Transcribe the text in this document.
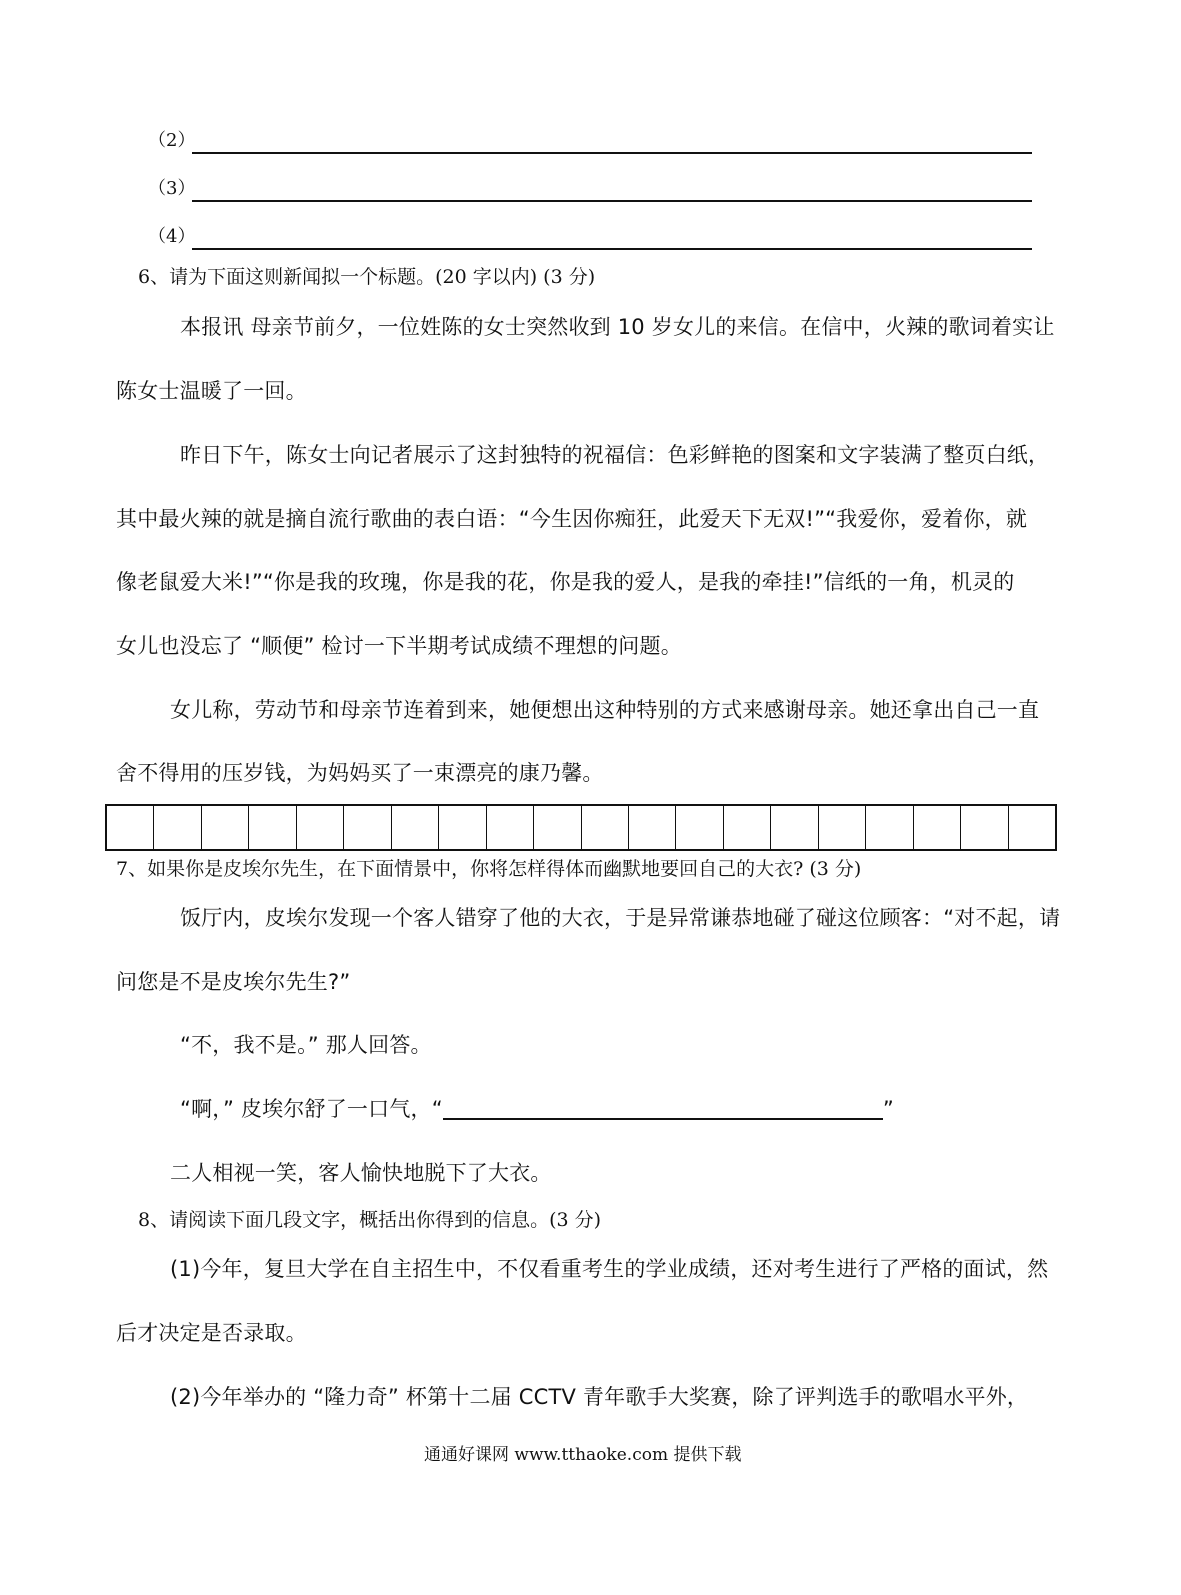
（2）
（3）
（4）
6、请为下面这则新闻拟一个标题。(20 字以内) (3 分)
本报讯 母亲节前夕，一位姓陈的女士突然收到 10 岁女儿的来信。在信中，火辣的歌词着实让
陈女士温暖了一回。
昨日下午，陈女士向记者展示了这封独特的祝福信：色彩鲜艳的图案和文字装满了整页白纸，
其中最火辣的就是摘自流行歌曲的表白语：“今生因你痴狂，此爱天下无双!”“我爱你，爱着你，就
像老鼠爱大米!”“你是我的玫瑰，你是我的花，你是我的爱人，是我的牵挂!”信纸的一角，机灵的
女儿也没忘了 “顺便” 检讨一下半期考试成绩不理想的问题。
女儿称，劳动节和母亲节连着到来，她便想出这种特别的方式来感谢母亲。她还拿出自己一直
舍不得用的压岁钱，为妈妈买了一束漂亮的康乃馨。
7、如果你是皮埃尔先生，在下面情景中，你将怎样得体而幽默地要回自己的大衣? (3 分)
饭厅内，皮埃尔发现一个客人错穿了他的大衣，于是异常谦恭地碰了碰这位顾客：“对不起，请
问您是不是皮埃尔先生?”
“不，我不是。” 那人回答。
“啊，” 皮埃尔舒了一口气，“	”
二人相视一笑，客人愉快地脱下了大衣。
8、请阅读下面几段文字，概括出你得到的信息。(3 分)
(1)今年，复旦大学在自主招生中，不仅看重考生的学业成绩，还对考生进行了严格的面试，然
后才决定是否录取。
(2)今年举办的 “隆力奇” 杯第十二届 CCTV 青年歌手大奖赛，除了评判选手的歌唱水平外，
通通好课网 www.tthaoke.com 提供下载
